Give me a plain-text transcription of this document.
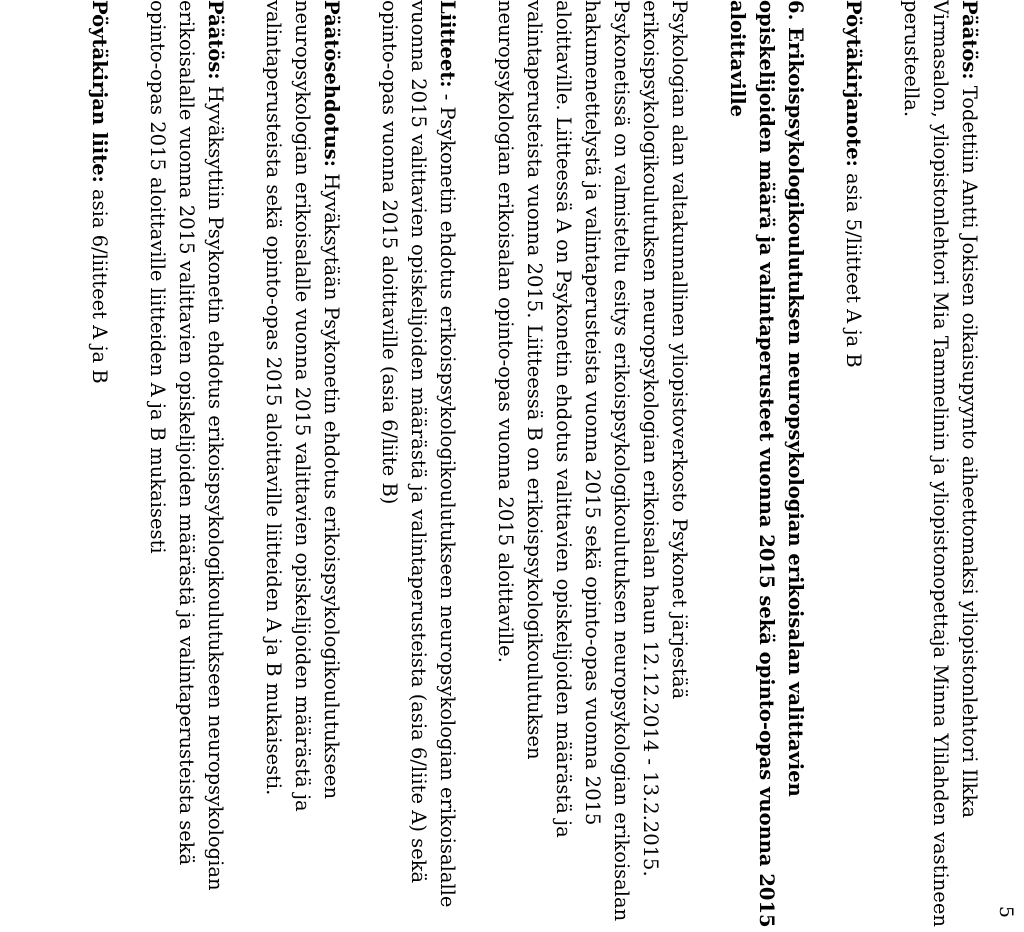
5

Päätös: Todettiin Antti Jokisen oikaisupyynto aiheettomaksi yliopistonlehtori Ilkka Virmasalon, yliopistonlehtori Mia Tammelinin ja yliopistonopettaja Minna Ylilahden vastineen perusteella.

Pöytäkirjanote: asia 5/liitteet A ja B

6. Erikoispsykologikoulutuksen neuropsykologian erikoisalan valittavien opiskelijoiden määrä ja valintaperusteet vuonna 2015 sekä opinto-opas vuonna 2015 aloittaville

Psykologian alan valtakunnallinen yliopistoverkosto Psykonet järjestää erikoispsykologikoulutuksen neuropsykologian erikoisalan haun 12.12.2014 - 13.2.2015. Psykonetissä on valmisteltu esitys erikoispsykologikoulutuksen neuropsykologian erikoisalan hakumenettelystä ja valintaperusteista vuonna 2015 sekä opinto-opas vuonna 2015 aloittaville. Liitteessä A on Psykonetin ehdotus valittavien opiskelijoiden määrästä ja valintaperusteista vuonna 2015. Liitteessä B on erikoispsykologikoulutuksen neuropsykologian erikoisalan opinto-opas vuonna 2015 aloittaville.

Liitteet: - Psykonetin ehdotus erikoispsykologikoulutukseen neuropsykologian erikoisalalle vuonna 2015 valittavien opiskelijoiden määrästä ja valintaperusteista (asia 6/liite A) sekä opinto-opas vuonna 2015 aloittaville (asia 6/liite B)

Päätösehdotus: Hyväksytään Psykonetin ehdotus erikoispsykologikoulutukseen neuropsykologian erikoisalalle vuonna 2015 valittavien opiskelijoiden määrästä ja valintaperusteista sekä opinto-opas 2015 aloittaville liitteiden A ja B mukaisesti.

Päätös: Hyväksyttiin Psykonetin ehdotus erikoispsykologikoulutukseen neuropsykologian erikoisalalle vuonna 2015 valittavien opiskelijoiden määrästä ja valintaperusteista sekä opinto-opas 2015 aloittaville liitteiden A ja B mukaisesti

Pöytäkirjan liite: asia 6/liitteet A ja B
